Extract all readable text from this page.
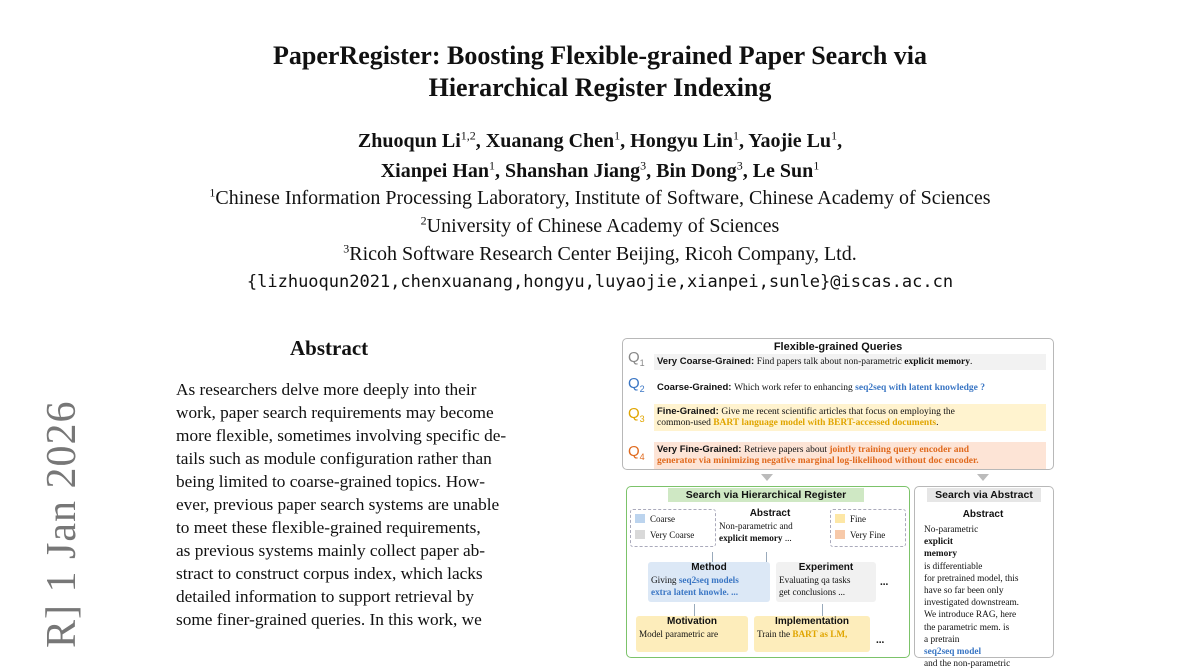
PaperRegister: Boosting Flexible-grained Paper Search via
Hierarchical Register Indexing
Zhuoqun Li$^{1,2}$, Xuanang Chen$^1$, Hongyu Lin$^1$, Yaojie Lu$^1$,
Xianpei Han$^1$, Shanshan Jiang$^3$, Bin Dong$^3$, Le Sun$^1$
$^1$Chinese Information Processing Laboratory, Institute of Software, Chinese Academy of Sciences
$^2$University of Chinese Academy of Sciences
$^3$Ricoh Software Research Center Beijing, Ricoh Company, Ltd.
{lizhuoqun2021,chenxuanang,hongyu,luyaojie,xianpei,sunle}@iscas.ac.cn
R] 1 Jan 2026
Abstract
As researchers delve more deeply into their
work, paper search requirements may become
more flexible, sometimes involving specific de-
tails such as module configuration rather than
being limited to coarse-grained topics. How-
ever, previous paper search systems are unable
to meet these flexible-grained requirements,
as previous systems mainly collect paper ab-
stract to construct corpus index, which lacks
detailed information to support retrieval by
some finer-grained queries. In this work, we
Flexible-grained Queries
$Q_1$ Very Coarse-Grained: Find papers talk about non-parametric explicit memory.
$Q_2$ Coarse-Grained: Which work refer to enhancing seq2seq with latent knowledge ?
$Q_3$
Fine-Grained: Give me recent scientific articles that focus on employing the
common-used BART language model with BERT-accessed documents.
$Q_4$
Very Fine-Grained: Retrieve papers about jointly training query encoder and
generator via minimizing negative marginal log-likelihood without doc encoder.
Search via Hierarchical Register
Coarse
Very Coarse
Fine
Very Fine
Abstract
Non-parametric and
explicit memory ...
Method
Giving seq2seq models
extra latent knowle. ...
Experiment
Evaluating qa tasks
get conclusions ...
...
Motivation
Model parametric are
Implementation
Train the BART as LM,	...
Search via Abstract
Abstract
No-parametric
explicit
memory
is differentiable
for pretrained model, this
have so far been only
investigated downstream.
We introduce RAG, here
the parametric mem. is
a pretrain
seq2seq model
and the non-parametric
